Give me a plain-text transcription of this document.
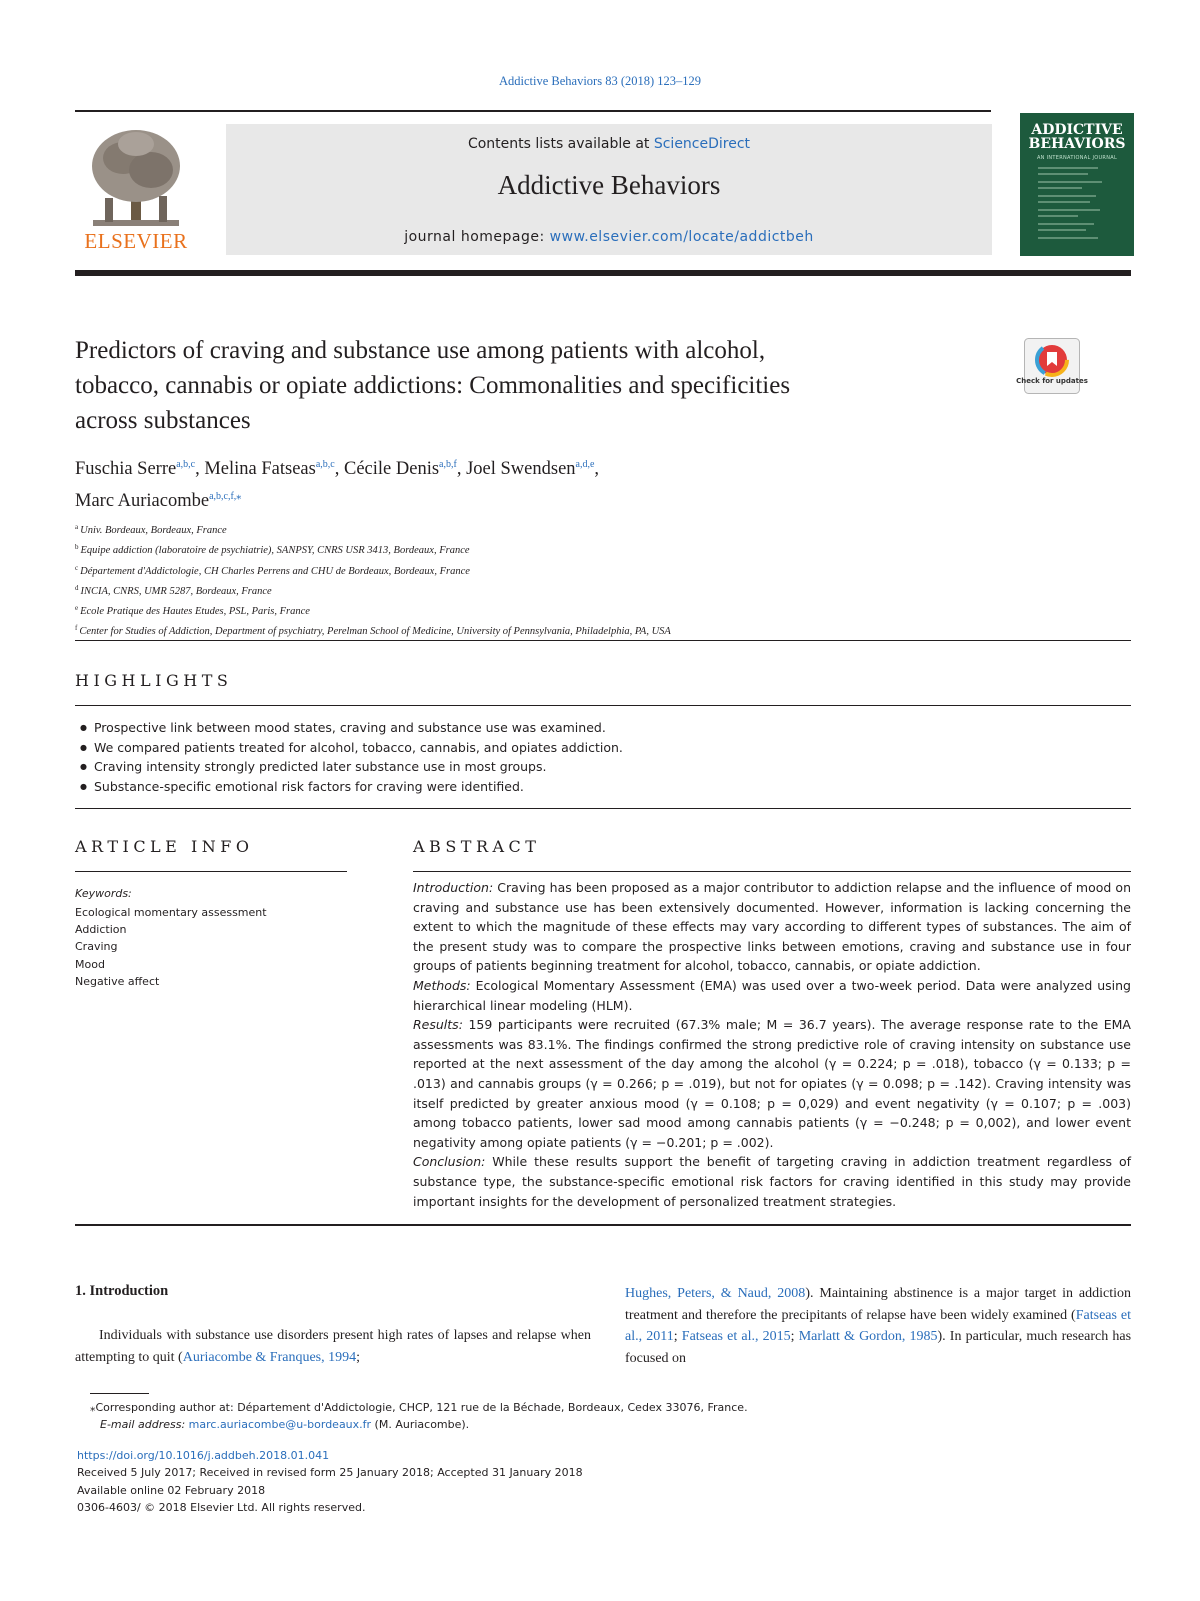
Addictive Behaviors 83 (2018) 123–129
ELSEVIER
Contents lists available at ScienceDirect
Addictive Behaviors
journal homepage: www.elsevier.com/locate/addictbeh
ADDICTIVE
BEHAVIORS
AN INTERNATIONAL JOURNAL
Predictors of craving and substance use among patients with alcohol,
tobacco, cannabis or opiate addictions: Commonalities and specificities
across substances
Check for updates
Fuschia Serre$^{a,b,c}$, Melina Fatseas$^{a,b,c}$, Cécile Denis$^{a,b,f}$, Joel Swendsen$^{a,d,e}$,
Marc Auriacombe$^{a,b,c,f,⁎}$
$^a$ Univ. Bordeaux, Bordeaux, France
$^b$ Equipe addiction (laboratoire de psychiatrie), SANPSY, CNRS USR 3413, Bordeaux, France
$^c$ Département d'Addictologie, CH Charles Perrens and CHU de Bordeaux, Bordeaux, France
$^d$ INCIA, CNRS, UMR 5287, Bordeaux, France
$^e$ Ecole Pratique des Hautes Etudes, PSL, Paris, France
$^f$ Center for Studies of Addiction, Department of psychiatry, Perelman School of Medicine, University of Pennsylvania, Philadelphia, PA, USA
HIGHLIGHTS
● Prospective link between mood states, craving and substance use was examined.
● We compared patients treated for alcohol, tobacco, cannabis, and opiates addiction.
● Craving intensity strongly predicted later substance use in most groups.
● Substance-specific emotional risk factors for craving were identified.
ARTICLE INFO
Keywords:
Ecological momentary assessment
Addiction
Craving
Mood
Negative affect
ABSTRACT

Introduction: Craving has been proposed as a major contributor to addiction relapse and the influence of mood on craving and substance use has been extensively documented. However, information is lacking concerning the extent to which the magnitude of these effects may vary according to different types of substances. The aim of the present study was to compare the prospective links between emotions, craving and substance use in four groups of patients beginning treatment for alcohol, tobacco, cannabis, or opiate addiction.

Methods: Ecological Momentary Assessment (EMA) was used over a two-week period. Data were analyzed using hierarchical linear modeling (HLM).

Results: 159 participants were recruited (67.3% male; M = 36.7 years). The average response rate to the EMA assessments was 83.1%. The findings confirmed the strong predictive role of craving intensity on substance use reported at the next assessment of the day among the alcohol (γ = 0.224; p = .018), tobacco (γ = 0.133; p = .013) and cannabis groups (γ = 0.266; p = .019), but not for opiates (γ = 0.098; p = .142). Craving intensity was itself predicted by greater anxious mood (γ = 0.108; p = 0,029) and event negativity (γ = 0.107; p = .003) among tobacco patients, lower sad mood among cannabis patients (γ = −0.248; p = 0,002), and lower event negativity among opiate patients (γ = −0.201; p = .002).

Conclusion: While these results support the benefit of targeting craving in addiction treatment regardless of substance type, the substance-specific emotional risk factors for craving identified in this study may provide important insights for the development of personalized treatment strategies.

1. Introduction

Individuals with substance use disorders present high rates of lapses and relapse when attempting to quit (Auriacombe & Franques, 1994;

Hughes, Peters, & Naud, 2008). Maintaining abstinence is a major target in addiction treatment and therefore the precipitants of relapse have been widely examined (Fatseas et al., 2011; Fatseas et al., 2015; Marlatt & Gordon, 1985). In particular, much research has focused on

⁎Corresponding author at: Département d'Addictologie, CHCP, 121 rue de la Béchade, Bordeaux, Cedex 33076, France.
E-mail address: marc.auriacombe@u-bordeaux.fr (M. Auriacombe).
https://doi.org/10.1016/j.addbeh.2018.01.041
Received 5 July 2017; Received in revised form 25 January 2018; Accepted 31 January 2018
Available online 02 February 2018
0306-4603/ © 2018 Elsevier Ltd. All rights reserved.
